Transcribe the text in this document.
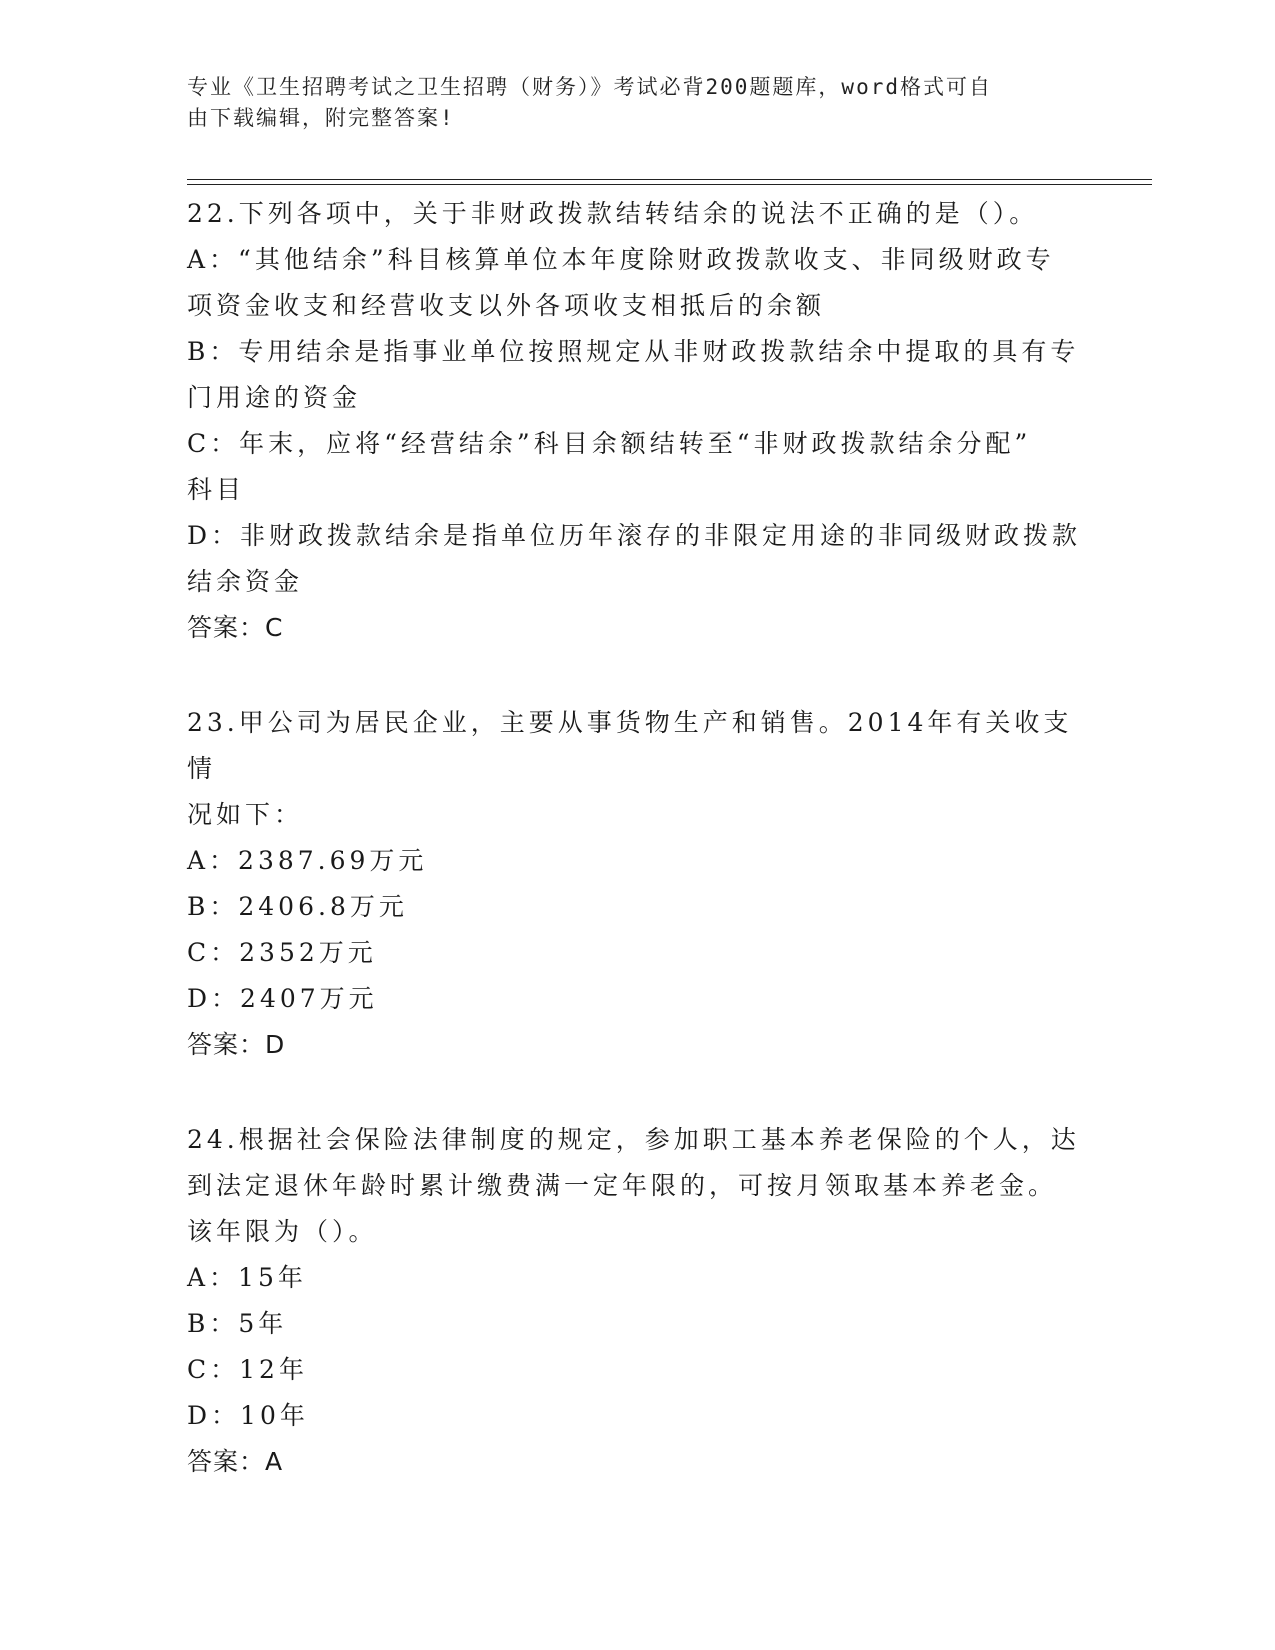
专业《卫生招聘考试之卫生招聘（财务）》考试必背200题题库，word格式可自
由下载编辑，附完整答案!

22.下列各项中，关于非财政拨款结转结余的说法不正确的是（）。

A：“其他结余”科目核算单位本年度除财政拨款收支、非同级财政专

项资金收支和经营收支以外各项收支相抵后的余额

B：专用结余是指事业单位按照规定从非财政拨款结余中提取的具有专

门用途的资金

C：年末，应将“经营结余”科目余额结转至“非财政拨款结余分配”

科目

D：非财政拨款结余是指单位历年滚存的非限定用途的非同级财政拨款

结余资金

答案：C

23.甲公司为居民企业，主要从事货物生产和销售。2014年有关收支情

况如下：

A：2387.69万元

B：2406.8万元

C：2352万元

D：2407万元

答案：D

24.根据社会保险法律制度的规定，参加职工基本养老保险的个人，达

到法定退休年龄时累计缴费满一定年限的，可按月领取基本养老金。

该年限为（）。

A：15年

B：5年

C：12年

D：10年

答案：A
